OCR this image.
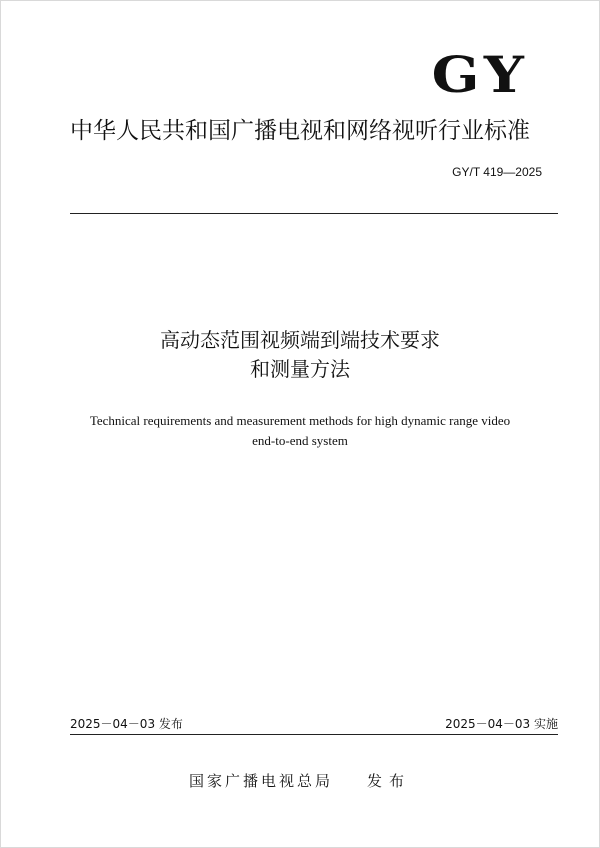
GY
中华人民共和国广播电视和网络视听行业标准
GY/T 419—2025
高动态范围视频端到端技术要求
和测量方法
Technical requirements and measurement methods for high dynamic range video
end-to-end system
2025－04－03 发布	2025－04－03 实施
国家广播电视总局 发布
